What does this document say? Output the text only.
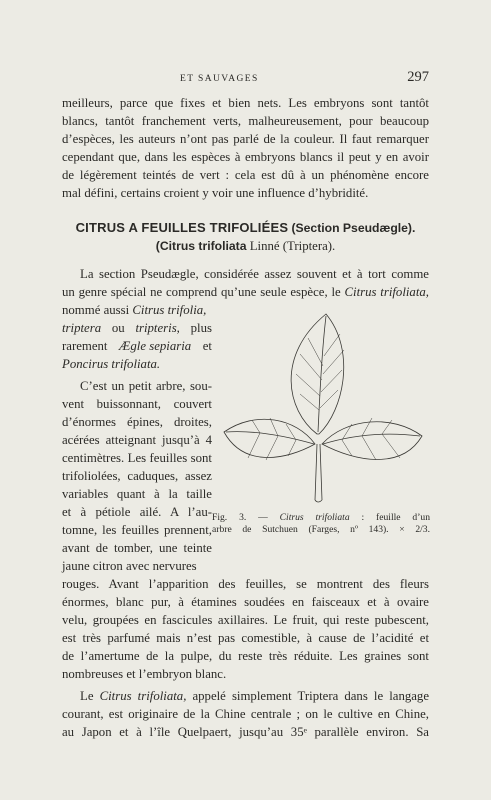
ET SAUVAGES	297
meilleurs, parce que fixes et bien nets. Les embryons sont tantôt
blancs, tantôt franchement verts, malheureusement, pour beaucoup
d’espèces, les auteurs n’ont pas parlé de la couleur. Il faut remarquer
cependant que, dans les espèces à embryons blancs il peut y en avoir
de légèrement teintés de vert : cela est dû à un phénomène encore
mal défini, certains croient y voir une influence d’hybridité.
CITRUS A FEUILLES TRIFOLIÉES (Section Pseudægle).
(Citrus trifoliata Linné (Triptera).
La section Pseudægle, considérée assez souvent et à tort comme
un genre spécial ne comprend qu’une seule espèce, le Citrus trifoliata,
nommé aussi Citrus trifolia,
triptera ou tripteris, plus
rarement Ægle sepiaria et
Poncirus trifoliata.
C’est un petit arbre, sou-
vent buissonnant, couvert
d’énormes épines, droites,
acérées atteignant jusqu’à 4
centimètres. Les feuilles sont
trifoliolées, caduques, assez
variables quant à la taille
et à pétiole ailé. A l’au-
tomne, les feuilles prennent,
avant de tomber, une teinte
jaune citron avec nervures
Fig. 3. — Citrus trifoliata : feuille d’un
arbre de Sutchuen (Farges, nº 143). × 2/3.
rouges. Avant l’apparition des feuilles, se montrent des fleurs
énormes, blanc pur, à étamines soudées en faisceaux et à ovaire
velu, groupées en fascicules axillaires. Le fruit, qui reste pubescent,
est très parfumé mais n’est pas comestible, à cause de l’acidité et
de l’amertume de la pulpe, du reste très réduite. Les graines sont
nombreuses et l’embryon blanc.
Le Citrus trifoliata, appelé simplement Triptera dans le langage
courant, est originaire de la Chine centrale ; on le cultive en Chine,
au Japon et à l’île Quelpaert, jusqu’au 35ᵉ parallèle environ. Sa
